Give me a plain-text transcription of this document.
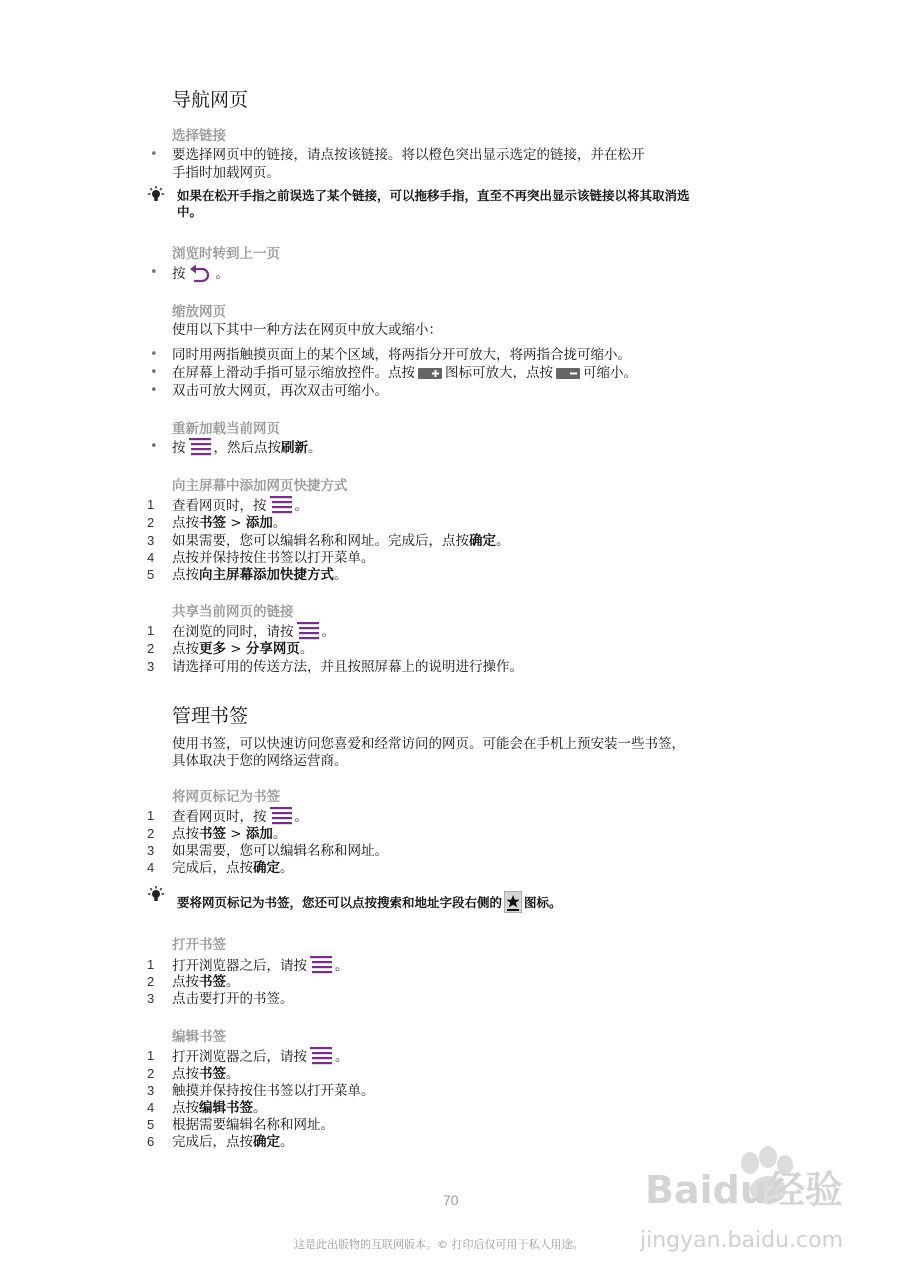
导航网页
选择链接
• 要选择网页中的链接，请点按该链接。将以橙色突出显示选定的链接，并在松开
手指时加载网页。
如果在松开手指之前误选了某个链接，可以拖移手指，直至不再突出显示该链接以将其取消选
中。
浏览时转到上一页
• 按 。
缩放网页
使用以下其中一种方法在网页中放大或缩小：
• 同时用两指触摸页面上的某个区域，将两指分开可放大，将两指合拢可缩小。
• 在屏幕上滑动手指可显示缩放控件。点按 图标可放大，点按 可缩小。
• 双击可放大网页，再次双击可缩小。
重新加载当前网页
• 按 ，然后点按刷新。
向主屏幕中添加网页快捷方式
1 查看网页时，按 。
2 点按书签 > 添加。
3 如果需要，您可以编辑名称和网址。完成后，点按确定。
4 点按并保持按住书签以打开菜单。
5 点按向主屏幕添加快捷方式。
共享当前网页的链接
1 在浏览的同时，请按 。
2 点按更多 > 分享网页。
3 请选择可用的传送方法，并且按照屏幕上的说明进行操作。
管理书签
使用书签，可以快速访问您喜爱和经常访问的网页。可能会在手机上预安装一些书签，
具体取决于您的网络运营商。
将网页标记为书签
1 查看网页时，按 。
2 点按书签 > 添加。
3 如果需要，您可以编辑名称和网址。
4 完成后，点按确定。
要将网页标记为书签，您还可以点按搜索和地址字段右侧的 图标。
打开书签
1 打开浏览器之后，请按 。
2 点按书签。
3 点击要打开的书签。
编辑书签
1 打开浏览器之后，请按 。
2 点按书签。
3 触摸并保持按住书签以打开菜单。
4 点按编辑书签。
5 根据需要编辑名称和网址。
6 完成后，点按确定。
70
这是此出版物的互联网版本。© 打印后仅可用于私人用途。
Baidu经验
jingyan.baidu.com
